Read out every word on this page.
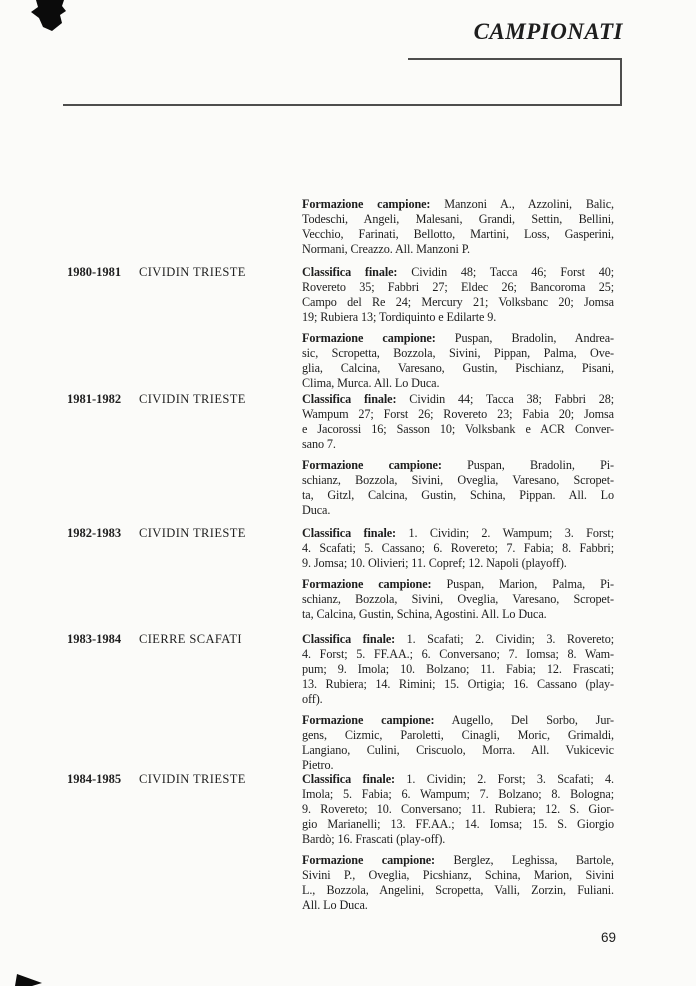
CAMPIONATI
Formazione campione: Manzoni A., Azzolini, Balic,
Todeschi, Angeli, Malesani, Grandi, Settin, Bellini,
Vecchio, Farinati, Bellotto, Martini, Loss, Gasperini,
Normani, Creazzo. All. Manzoni P.
1980-1981 CIVIDIN TRIESTE	Classifica finale: Cividin 48; Tacca 46; Forst 40;
Rovereto 35; Fabbri 27; Eldec 26; Bancoroma 25;
Campo del Re 24; Mercury 21; Volksbanc 20; Jomsa
19; Rubiera 13; Tordiquinto e Edilarte 9.
Formazione campione: Puspan, Bradolin, Andrea-
sic, Scropetta, Bozzola, Sivini, Pippan, Palma, Ove-
glia, Calcina, Varesano, Gustin, Pischianz, Pisani,
Clima, Murca. All. Lo Duca.
1981-1982 CIVIDIN TRIESTE	Classifica finale: Cividin 44; Tacca 38; Fabbri 28;
Wampum 27; Forst 26; Rovereto 23; Fabia 20; Jomsa
e Jacorossi 16; Sasson 10; Volksbank e ACR Conver-
sano 7.
Formazione campione: Puspan, Bradolin, Pi-
schianz, Bozzola, Sivini, Oveglia, Varesano, Scropet-
ta, Gitzl, Calcina, Gustin, Schina, Pippan. All. Lo
Duca.
1982-1983 CIVIDIN TRIESTE	Classifica finale: 1. Cividin; 2. Wampum; 3. Forst;
4. Scafati; 5. Cassano; 6. Rovereto; 7. Fabia; 8. Fabbri;
9. Jomsa; 10. Olivieri; 11. Copref; 12. Napoli (playoff).
Formazione campione: Puspan, Marion, Palma, Pi-
schianz, Bozzola, Sivini, Oveglia, Varesano, Scropet-
ta, Calcina, Gustin, Schina, Agostini. All. Lo Duca.
1983-1984 CIERRE SCAFATI	Classifica finale: 1. Scafati; 2. Cividin; 3. Rovereto;
4. Forst; 5. FF.AA.; 6. Conversano; 7. Iomsa; 8. Wam-
pum; 9. Imola; 10. Bolzano; 11. Fabia; 12. Frascati;
13. Rubiera; 14. Rimini; 15. Ortigia; 16. Cassano (play-
off).
Formazione campione: Augello, Del Sorbo, Jur-
gens, Cizmic, Paroletti, Cinagli, Moric, Grimaldi,
Langiano, Culini, Criscuolo, Morra. All. Vukicevic
Pietro.
1984-1985 CIVIDIN TRIESTE	Classifica finale: 1. Cividin; 2. Forst; 3. Scafati; 4.
Imola; 5. Fabia; 6. Wampum; 7. Bolzano; 8. Bologna;
9. Rovereto; 10. Conversano; 11. Rubiera; 12. S. Gior-
gio Marianelli; 13. FF.AA.; 14. Iomsa; 15. S. Giorgio
Bardò; 16. Frascati (play-off).
Formazione campione: Berglez, Leghissa, Bartole,
Sivini P., Oveglia, Picshianz, Schina, Marion, Sivini
L., Bozzola, Angelini, Scropetta, Valli, Zorzin, Fuliani.
All. Lo Duca.
69
